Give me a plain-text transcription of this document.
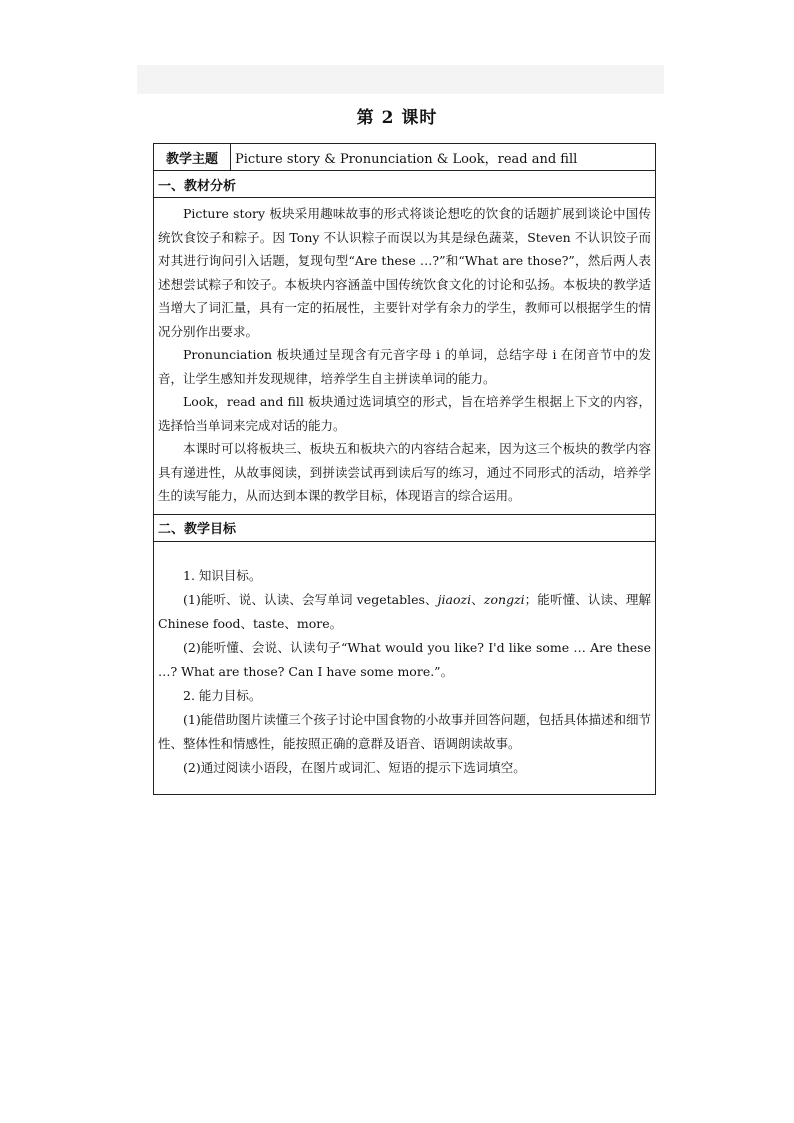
第 2 课时
教学主题	Picture story & Pronunciation & Look，read and fill
一、教材分析

Picture story 板块采用趣味故事的形式将谈论想吃的饮食的话题扩展到谈论中国传统饮食饺子和粽子。因 Tony 不认识粽子而误以为其是绿色蔬菜，Steven 不认识饺子而对其进行询问引入话题，复现句型“Are these …?”和“What are those?”，然后两人表述想尝试粽子和饺子。本板块内容涵盖中国传统饮食文化的讨论和弘扬。本板块的教学适当增大了词汇量，具有一定的拓展性，主要针对学有余力的学生，教师可以根据学生的情况分别作出要求。

Pronunciation 板块通过呈现含有元音字母 i 的单词，总结字母 i 在闭音节中的发音，让学生感知并发现规律，培养学生自主拼读单词的能力。

Look，read and fill 板块通过选词填空的形式，旨在培养学生根据上下文的内容，选择恰当单词来完成对话的能力。

本课时可以将板块三、板块五和板块六的内容结合起来，因为这三个板块的教学内容具有递进性，从故事阅读，到拼读尝试再到读后写的练习，通过不同形式的活动，培养学生的读写能力，从而达到本课的教学目标，体现语言的综合运用。

二、教学目标

1. 知识目标。

(1)能听、说、认读、会写单词 vegetables、jiaozi、zongzi；能听懂、认读、理解 Chinese food、taste、more。

(2)能听懂、会说、认读句子“What would you like? I'd like some … Are these …? What are those? Can I have some more.”。

2. 能力目标。

(1)能借助图片读懂三个孩子讨论中国食物的小故事并回答问题，包括具体描述和细节性、整体性和情感性，能按照正确的意群及语音、语调朗读故事。

(2)通过阅读小语段，在图片或词汇、短语的提示下选词填空。
